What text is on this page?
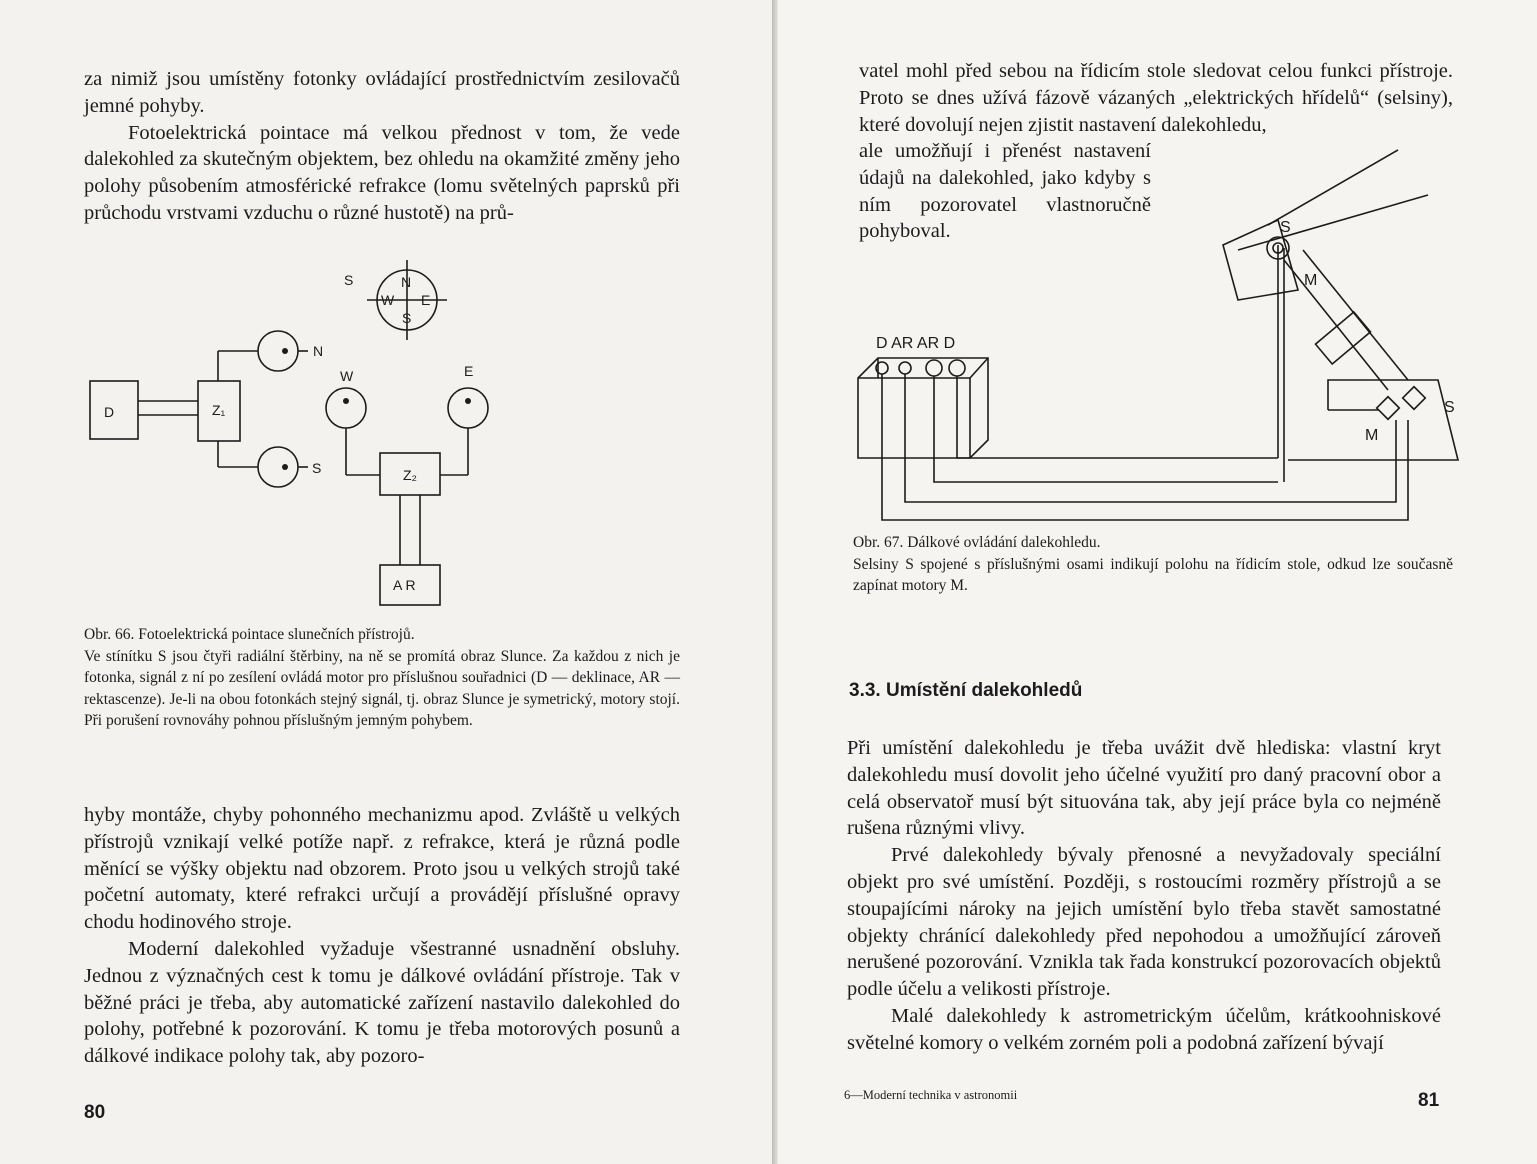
za nimiž jsou umístěny fotonky ovládající prostřednictvím zesilovačů jemné pohyby.

Fotoelektrická pointace má velkou přednost v tom, že vede dalekohled za skutečným objektem, bez ohledu na okamžité změny jeho polohy působením atmosférické refrakce (lomu světelných paprsků při průchodu vrstvami vzduchu o různé hustotě) na prů-

S	N
W E
S
D	Z₁
N
S
W	E
Z₂
A R

Obr. 66. Fotoelektrická pointace slunečních přístrojů.

Ve stínítku S jsou čtyři radiální štěrbiny, na ně se promítá obraz Slunce. Za každou z nich je fotonka, signál z ní po zesílení ovládá motor pro příslušnou souřadnici (D — deklinace, AR — rektascenze). Je-li na obou fotonkách stejný signál, tj. obraz Slunce je symetrický, motory stojí. Při porušení rovnováhy pohnou příslušným jemným pohybem.

hyby montáže, chyby pohonného mechanizmu apod. Zvláště u velkých přístrojů vznikají velké potíže např. z refrakce, která je různá podle měnící se výšky objektu nad obzorem. Proto jsou u velkých strojů také početní automaty, které refrakci určují a provádějí příslušné opravy chodu hodinového stroje.

Moderní dalekohled vyžaduje všestranné usnadnění obsluhy. Jednou z význačných cest k tomu je dálkové ovládání přístroje. Tak v běžné práci je třeba, aby automatické zařízení nastavilo dalekohled do polohy, potřebné k pozorování. K tomu je třeba motorových posunů a dálkové indikace polohy tak, aby pozoro-

80

vatel mohl před sebou na řídicím stole sledovat celou funkci přístroje. Proto se dnes užívá fázově vázaných „elektrických hřídelů“ (selsiny), které dovolují nejen zjistit nastavení dalekohledu,

ale umožňují i přenést nastavení údajů na dalekohled, jako kdyby s ním pozorovatel vlastnoručně pohyboval.

D AR AR D
S
M
M
S

Obr. 67. Dálkové ovládání dalekohledu.

Selsiny S spojené s příslušnými osami indikují polohu na řídicím stole, odkud lze současně zapínat motory M.

3.3. Umístění dalekohledů

Při umístění dalekohledu je třeba uvážit dvě hlediska: vlastní kryt dalekohledu musí dovolit jeho účelné využití pro daný pracovní obor a celá observatoř musí být situována tak, aby její práce byla co nejméně rušena různými vlivy.

Prvé dalekohledy bývaly přenosné a nevyžadovaly speciální objekt pro své umístění. Později, s rostoucími rozměry přístrojů a se stoupajícími nároky na jejich umístění bylo třeba stavět samostatné objekty chránící dalekohledy před nepohodou a umožňující zároveň nerušené pozorování. Vznikla tak řada konstrukcí pozorovacích objektů podle účelu a velikosti přístroje.

Malé dalekohledy k astrometrickým účelům, krátkoohniskové světelné komory o velkém zorném poli a podobná zařízení bývají

6—Moderní technika v astronomii	81
